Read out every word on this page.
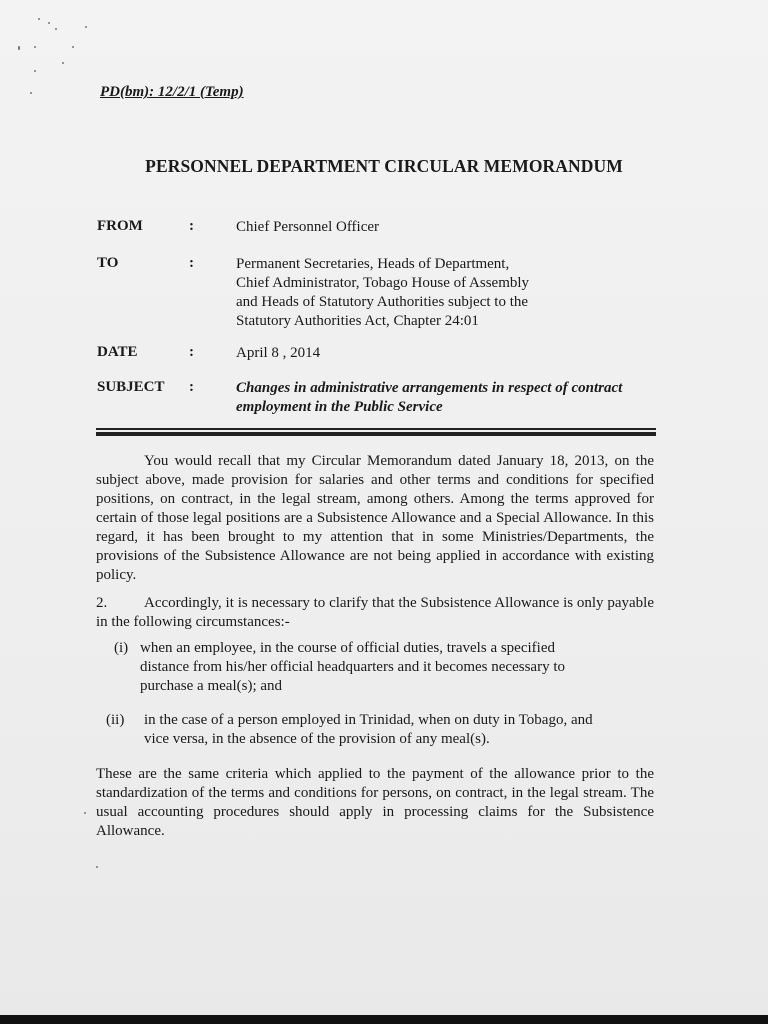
PD(bm): 12/2/1 (Temp)
PERSONNEL DEPARTMENT CIRCULAR MEMORANDUM
FROM	:	Chief Personnel Officer
TO	:	Permanent Secretaries, Heads of Department,
Chief Administrator, Tobago House of Assembly
and Heads of Statutory Authorities subject to the
Statutory Authorities Act, Chapter 24:01
DATE	:	April 8 , 2014
SUBJECT :	Changes in administrative arrangements in respect of contract employment in the Public Service
You would recall that my Circular Memorandum dated January 18, 2013, on the subject above, made provision for salaries and other terms and conditions for specified positions, on contract, in the legal stream, among others. Among the terms approved for certain of those legal positions are a Subsistence Allowance and a Special Allowance. In this regard, it has been brought to my attention that in some Ministries/Departments, the provisions of the Subsistence Allowance are not being applied in accordance with existing policy.
2. Accordingly, it is necessary to clarify that the Subsistence Allowance is only payable in the following circumstances:-
(i) when an employee, in the course of official duties, travels a specified distance from his/her official headquarters and it becomes necessary to purchase a meal(s); and
(ii) in the case of a person employed in Trinidad, when on duty in Tobago, and vice versa, in the absence of the provision of any meal(s).
These are the same criteria which applied to the payment of the allowance prior to the standardization of the terms and conditions for persons, on contract, in the legal stream. The usual accounting procedures should apply in processing claims for the Subsistence Allowance.
